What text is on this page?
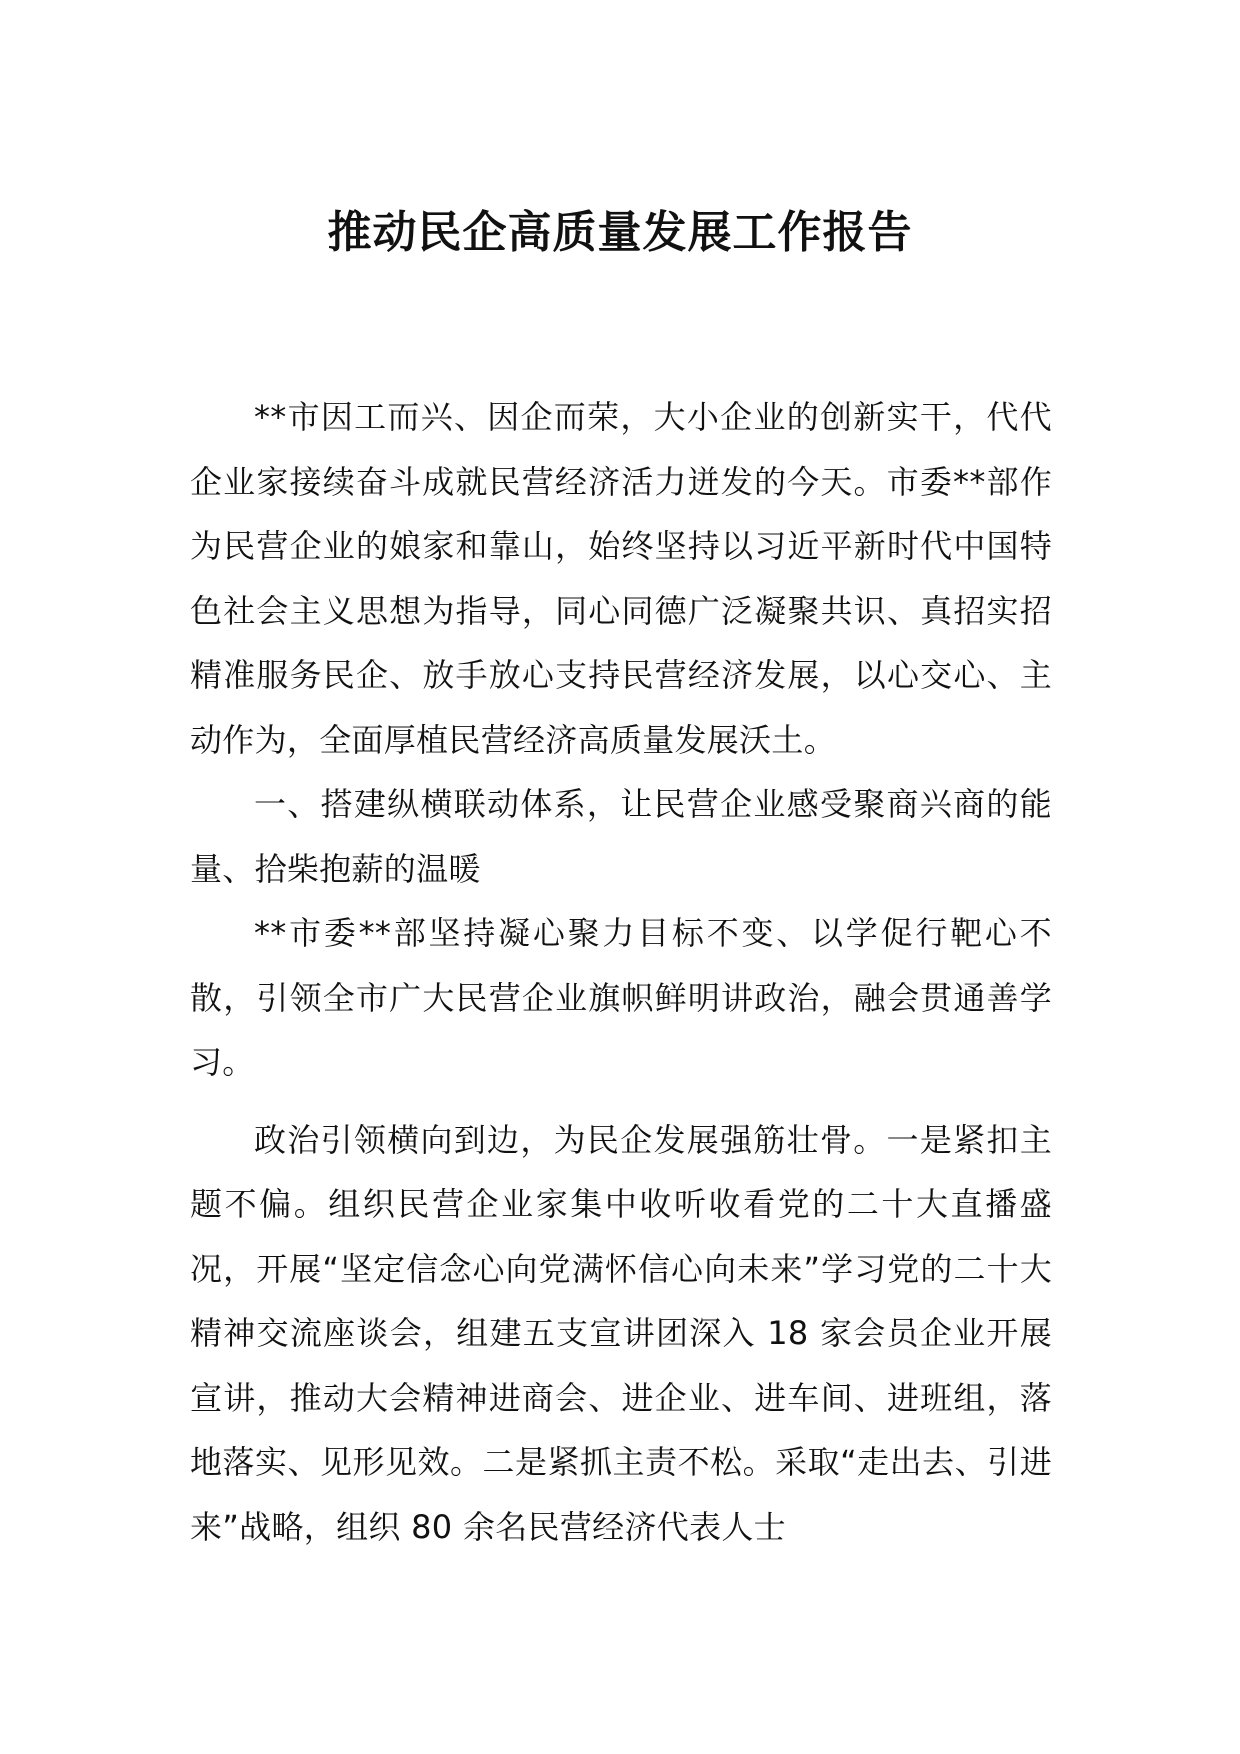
推动民企高质量发展工作报告

**市因工而兴、因企而荣，大小企业的创新实干，代代企业家接续奋斗成就民营经济活力迸发的今天。市委**部作为民营企业的娘家和靠山，始终坚持以习近平新时代中国特色社会主义思想为指导，同心同德广泛凝聚共识、真招实招精准服务民企、放手放心支持民营经济发展，以心交心、主动作为，全面厚植民营经济高质量发展沃土。

一、搭建纵横联动体系，让民营企业感受聚商兴商的能量、拾柴抱薪的温暖

**市委**部坚持凝心聚力目标不变、以学促行靶心不散，引领全市广大民营企业旗帜鲜明讲政治，融会贯通善学习。

政治引领横向到边，为民企发展强筋壮骨。一是紧扣主题不偏。组织民营企业家集中收听收看党的二十大直播盛况，开展“坚定信念心向党满怀信心向未来”学习党的二十大精神交流座谈会，组建五支宣讲团深入 18 家会员企业开展宣讲，推动大会精神进商会、进企业、进车间、进班组，落地落实、见形见效。二是紧抓主责不松。采取“走出去、引进来”战略，组织 80 余名民营经济代表人士
